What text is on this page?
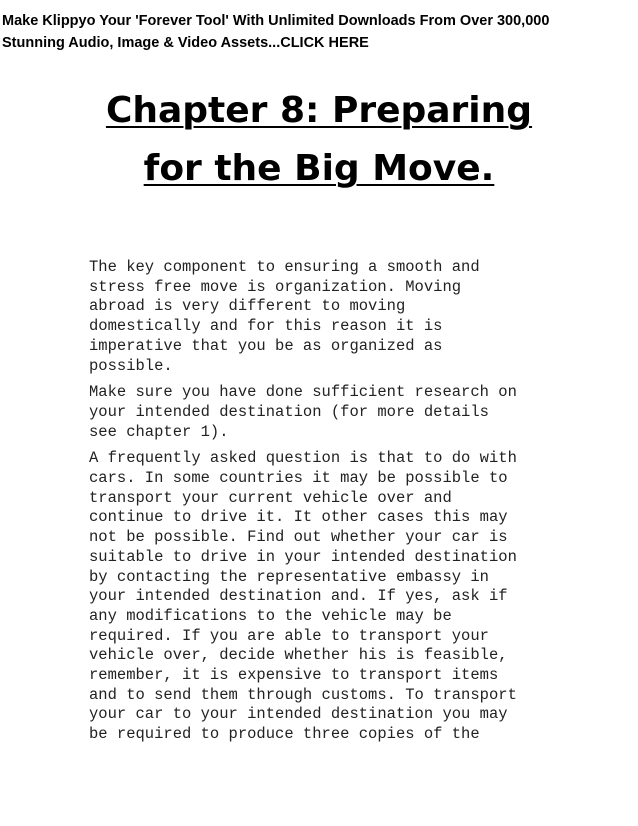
Make Klippyo Your 'Forever Tool' With Unlimited Downloads From Over 300,000
Stunning Audio, Image & Video Assets...CLICK HERE
Chapter 8: Preparing
for the Big Move.

The key component to ensuring a smooth and
stress free move is organization. Moving
abroad is very different to moving
domestically and for this reason it is
imperative that you be as organized as
possible.

Make sure you have done sufficient research on
your intended destination (for more details
see chapter 1).

A frequently asked question is that to do with
cars. In some countries it may be possible to
transport your current vehicle over and
continue to drive it. It other cases this may
not be possible. Find out whether your car is
suitable to drive in your intended destination
by contacting the representative embassy in
your intended destination and. If yes, ask if
any modifications to the vehicle may be
required. If you are able to transport your
vehicle over, decide whether his is feasible,
remember, it is expensive to transport items
and to send them through customs. To transport
your car to your intended destination you may
be required to produce three copies of the
